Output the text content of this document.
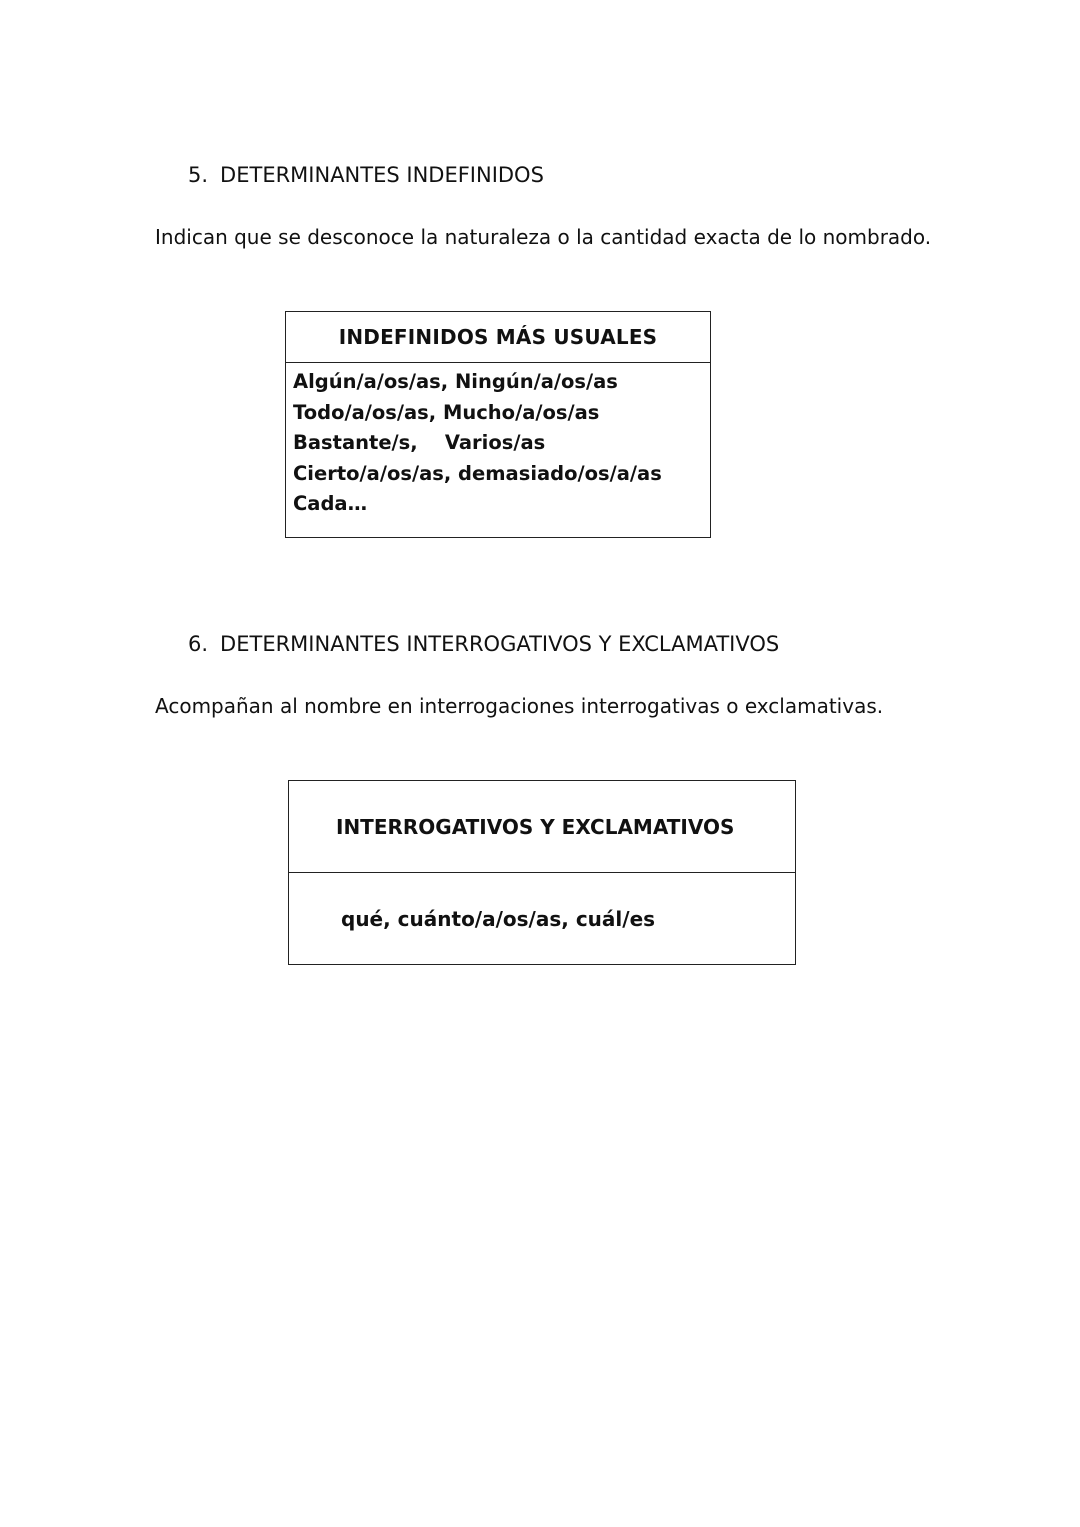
5. DETERMINANTES INDEFINIDOS

Indican que se desconoce la naturaleza o la cantidad exacta de lo nombrado.

INDEFINIDOS MÁS USUALES
Algún/a/os/as, Ningún/a/os/as
Todo/a/os/as, Mucho/a/os/as
Bastante/s,    Varios/as
Cierto/a/os/as, demasiado/os/a/as
Cada…
6. DETERMINANTES INTERROGATIVOS Y EXCLAMATIVOS

Acompañan al nombre en interrogaciones interrogativas o exclamativas.

INTERROGATIVOS Y EXCLAMATIVOS
qué, cuánto/a/os/as, cuál/es
